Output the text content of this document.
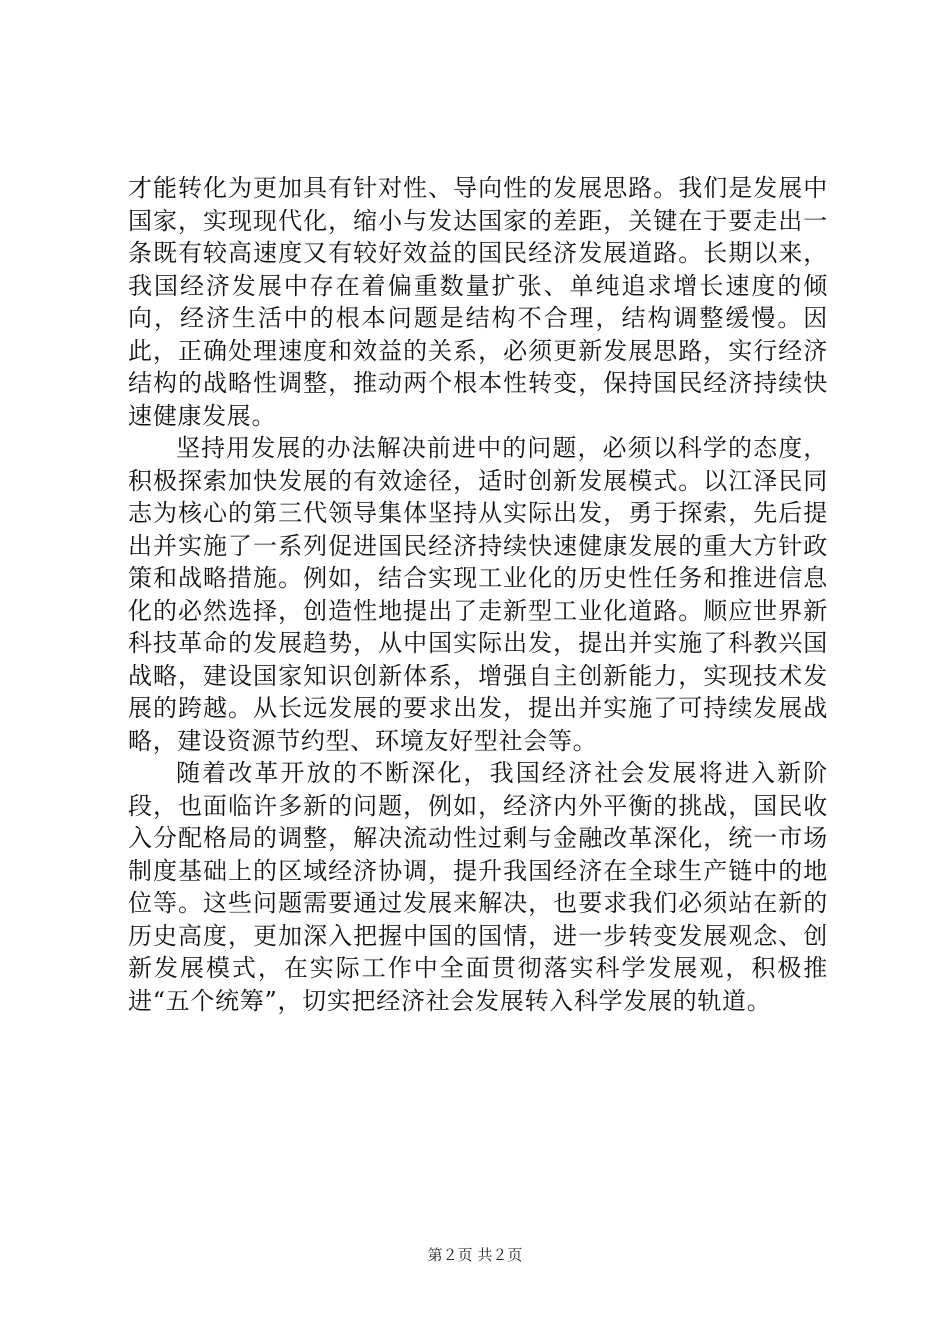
才能转化为更加具有针对性、导向性的发展思路。我们是发展中国家，实现现代化，缩小与发达国家的差距，关键在于要走出一条既有较高速度又有较好效益的国民经济发展道路。长期以来，我国经济发展中存在着偏重数量扩张、单纯追求增长速度的倾向，经济生活中的根本问题是结构不合理，结构调整缓慢。因此，正确处理速度和效益的关系，必须更新发展思路，实行经济结构的战略性调整，推动两个根本性转变，保持国民经济持续快速健康发展。

坚持用发展的办法解决前进中的问题，必须以科学的态度，积极探索加快发展的有效途径，适时创新发展模式。以江泽民同志为核心的第三代领导集体坚持从实际出发，勇于探索，先后提出并实施了一系列促进国民经济持续快速健康发展的重大方针政策和战略措施。例如，结合实现工业化的历史性任务和推进信息化的必然选择，创造性地提出了走新型工业化道路。顺应世界新科技革命的发展趋势，从中国实际出发，提出并实施了科教兴国战略，建设国家知识创新体系，增强自主创新能力，实现技术发展的跨越。从长远发展的要求出发，提出并实施了可持续发展战略，建设资源节约型、环境友好型社会等。

随着改革开放的不断深化，我国经济社会发展将进入新阶段，也面临许多新的问题，例如，经济内外平衡的挑战，国民收入分配格局的调整，解决流动性过剩与金融改革深化，统一市场制度基础上的区域经济协调，提升我国经济在全球生产链中的地位等。这些问题需要通过发展来解决，也要求我们必须站在新的历史高度，更加深入把握中国的国情，进一步转变发展观念、创新发展模式，在实际工作中全面贯彻落实科学发展观，积极推进“五个统筹”，切实把经济社会发展转入科学发展的轨道。

第２页 共２页
